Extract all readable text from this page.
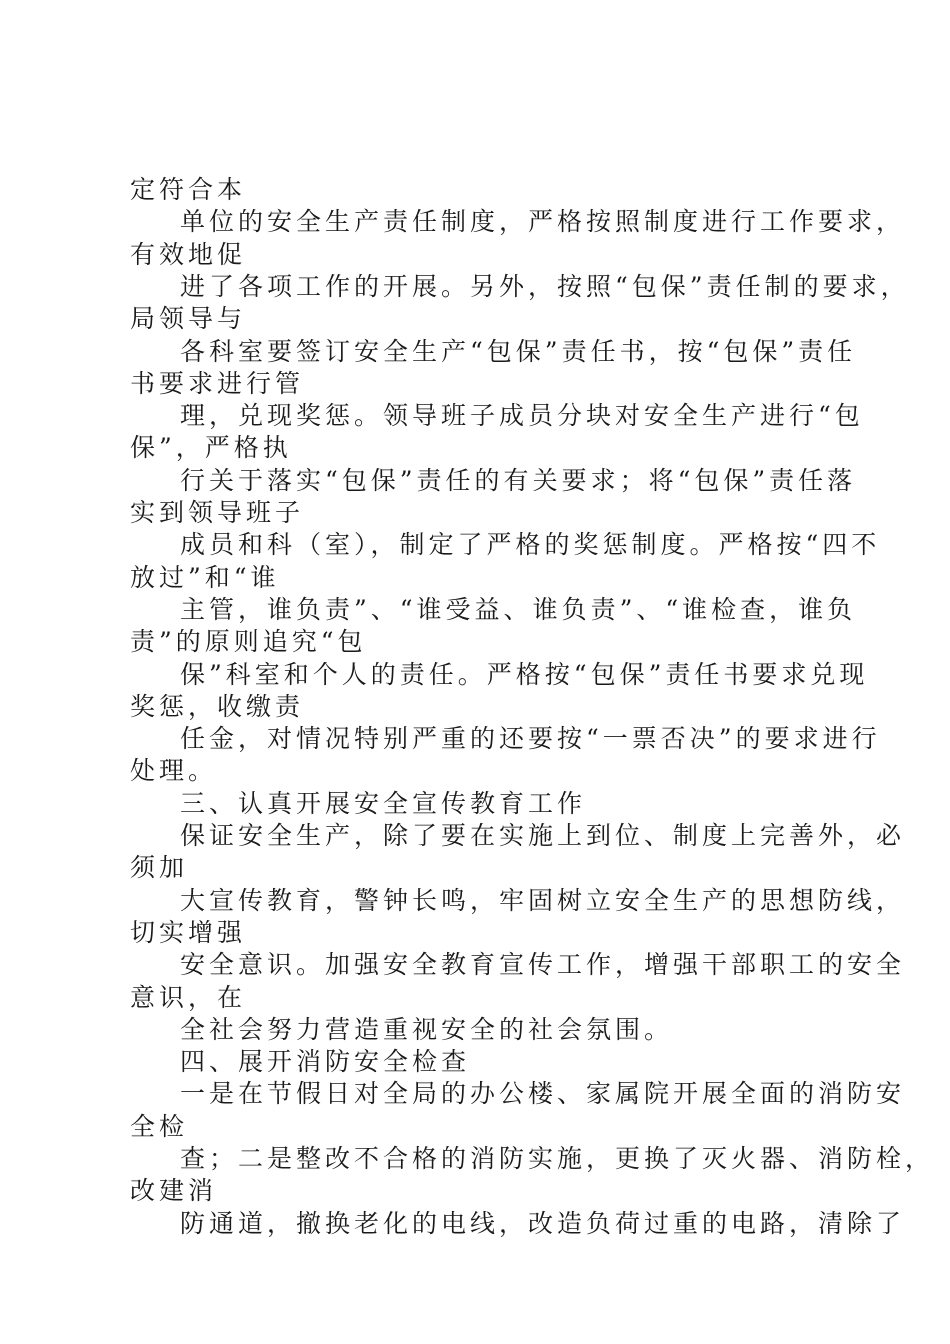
定符合本
单位的安全生产责任制度，严格按照制度进行工作要求，
有效地促
进了各项工作的开展。另外，按照“包保”责任制的要求，
局领导与
各科室要签订安全生产“包保”责任书，按“包保”责任
书要求进行管
理，兑现奖惩。领导班子成员分块对安全生产进行“包
保”，严格执
行关于落实“包保”责任的有关要求；将“包保”责任落
实到领导班子
成员和科（室），制定了严格的奖惩制度。严格按“四不
放过”和“谁
主管，谁负责”、“谁受益、谁负责”、“谁检查，谁负
责”的原则追究“包
保”科室和个人的责任。严格按“包保”责任书要求兑现
奖惩，收缴责
任金，对情况特别严重的还要按“一票否决”的要求进行
处理。
三、认真开展安全宣传教育工作
保证安全生产，除了要在实施上到位、制度上完善外，必
须加
大宣传教育，警钟长鸣，牢固树立安全生产的思想防线，
切实增强
安全意识。加强安全教育宣传工作，增强干部职工的安全
意识，在
全社会努力营造重视安全的社会氛围。
四、展开消防安全检查
一是在节假日对全局的办公楼、家属院开展全面的消防安
全检
查；二是整改不合格的消防实施，更换了灭火器、消防栓，
改建消
防通道，撤换老化的电线，改造负荷过重的电路，清除了
